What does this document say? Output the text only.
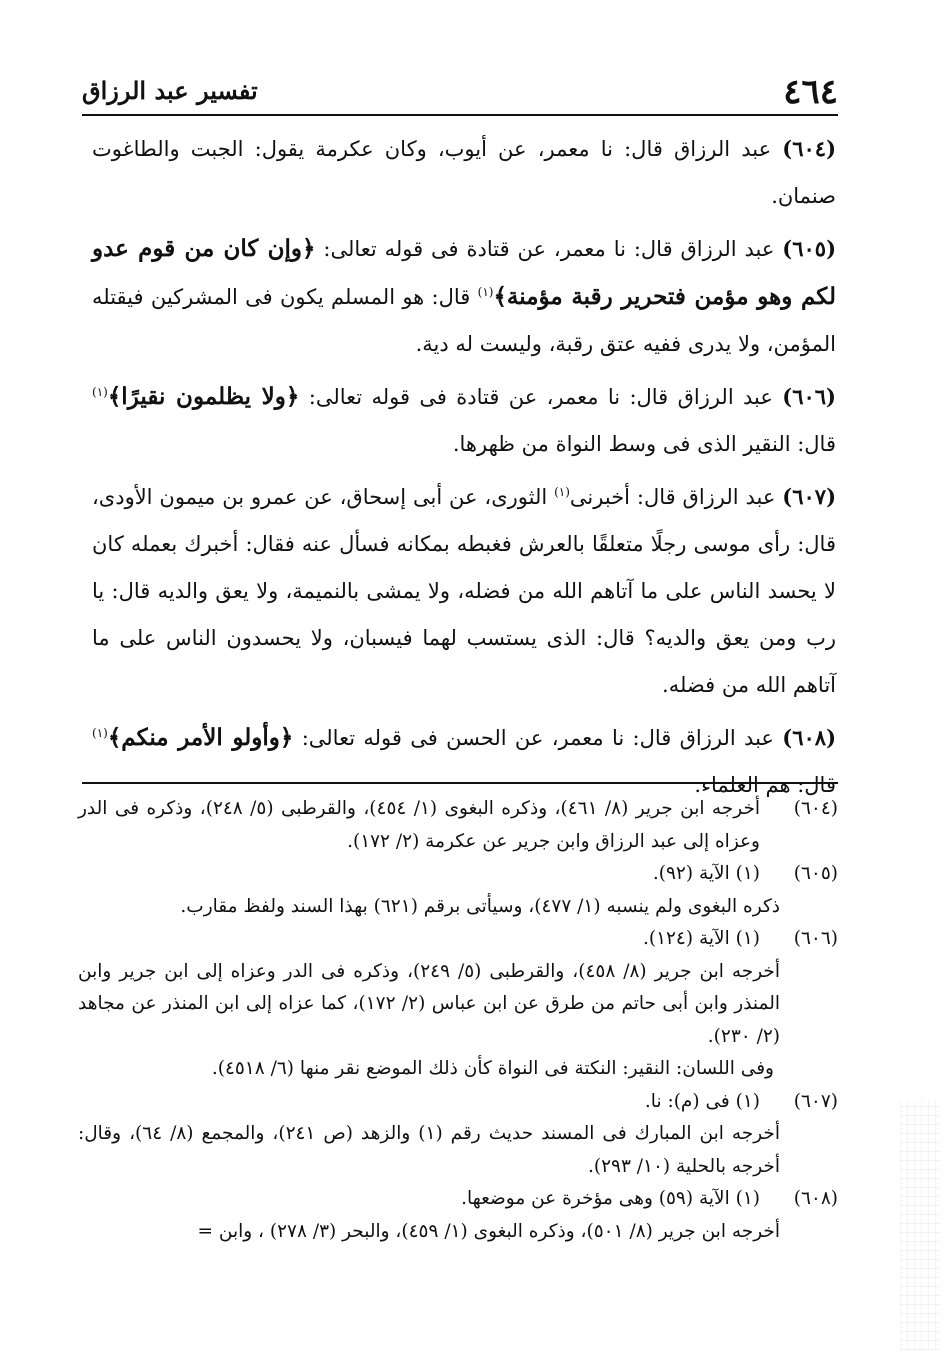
٤٦٤
تفسير عبد الرزاق

(٦٠٤) عبد الرزاق قال: نا معمر، عن أيوب، وكان عكرمة يقول: الجبت والطاغوت صنمان.

(٦٠٥) عبد الرزاق قال: نا معمر، عن قتادة فى قوله تعالى: ﴿وإن كان من قوم عدو لكم وهو مؤمن فتحرير رقبة مؤمنة﴾$^{(١)}$ قال: هو المسلم يكون فى المشركين فيقتله المؤمن، ولا يدرى ففيه عتق رقبة، وليست له دية.

(٦٠٦) عبد الرزاق قال: نا معمر، عن قتادة فى قوله تعالى: ﴿ولا يظلمون نقيرًا﴾$^{(١)}$ قال: النقير الذى فى وسط النواة من ظهرها.

(٦٠٧) عبد الرزاق قال: أخبرنى$^{(١)}$ الثورى، عن أبى إسحاق، عن عمرو بن ميمون الأودى، قال: رأى موسى رجلًا متعلقًا بالعرش فغبطه بمكانه فسأل عنه فقال: أخبرك بعمله كان لا يحسد الناس على ما آتاهم الله من فضله، ولا يمشى بالنميمة، ولا يعق والديه قال: يا رب ومن يعق والديه؟ قال: الذى يستسب لهما فيسبان، ولا يحسدون الناس على ما آتاهم الله من فضله.

(٦٠٨) عبد الرزاق قال: نا معمر، عن الحسن فى قوله تعالى: ﴿وأولو الأمر منكم﴾$^{(١)}$ قال: هم العلماء.

(٦٠٤)
أخرجه ابن جرير (٨/ ٤٦١)، وذكره البغوى (١/ ٤٥٤)، والقرطبى (٥/ ٢٤٨)، وذكره فى الدر وعزاه إلى عبد الرزاق وابن جرير عن عكرمة (٢/ ١٧٢).
(٦٠٥)
(١) الآية (٩٢).
ذكره البغوى ولم ينسبه (١/ ٤٧٧)، وسيأتى برقم (٦٢١) بهذا السند ولفظ مقارب.
(٦٠٦)
(١) الآية (١٢٤).
أخرجه ابن جرير (٨/ ٤٥٨)، والقرطبى (٥/ ٢٤٩)، وذكره فى الدر وعزاه إلى ابن جرير وابن المنذر وابن أبى حاتم من طرق عن ابن عباس (٢/ ١٧٢)، كما عزاه إلى ابن المنذر عن مجاهد (٢/ ٢٣٠).
وفى اللسان: النقير: النكتة فى النواة كأن ذلك الموضع نقر منها (٦/ ٤٥١٨).
(٦٠٧)
(١) فى (م): نا.
أخرجه ابن المبارك فى المسند حديث رقم (١) والزهد (ص ٢٤١)، والمجمع (٨/ ٦٤)، وقال: أخرجه بالحلية (١٠/ ٢٩٣).
(٦٠٨)
(١) الآية (٥٩) وهى مؤخرة عن موضعها.
أخرجه ابن جرير (٨/ ٥٠١)، وذكره البغوى (١/ ٤٥٩)، والبحر (٣/ ٢٧٨) ، وابن =
